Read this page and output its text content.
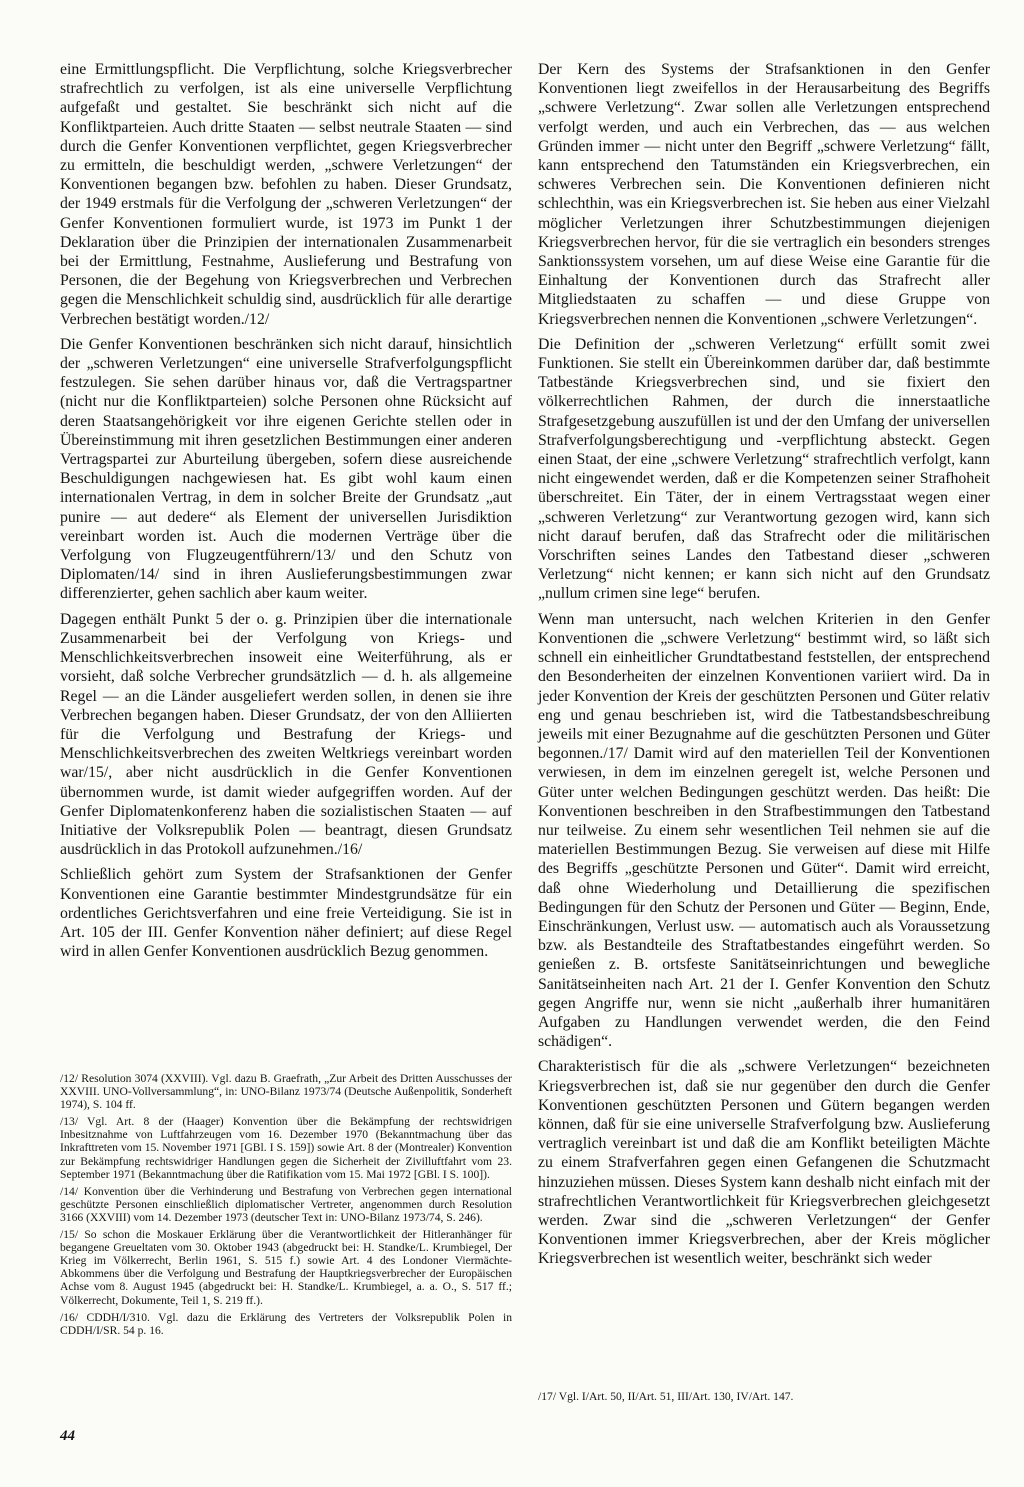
eine Ermittlungspflicht. Die Verpflichtung, solche Kriegsverbrecher strafrechtlich zu verfolgen, ist als eine universelle Verpflichtung aufgefaßt und gestaltet. Sie beschränkt sich nicht auf die Konfliktparteien. Auch dritte Staaten — selbst neutrale Staaten — sind durch die Genfer Konventionen verpflichtet, gegen Kriegsverbrecher zu ermitteln, die beschuldigt werden, „schwere Verletzungen“ der Konventionen begangen bzw. befohlen zu haben. Dieser Grundsatz, der 1949 erstmals für die Verfolgung der „schweren Verletzungen“ der Genfer Konventionen formuliert wurde, ist 1973 im Punkt 1 der Deklaration über die Prinzipien der internationalen Zusammenarbeit bei der Ermittlung, Festnahme, Auslieferung und Bestrafung von Personen, die der Begehung von Kriegsverbrechen und Verbrechen gegen die Menschlichkeit schuldig sind, ausdrücklich für alle derartige Verbrechen bestätigt worden./12/

Die Genfer Konventionen beschränken sich nicht darauf, hinsichtlich der „schweren Verletzungen“ eine universelle Strafverfolgungspflicht festzulegen. Sie sehen darüber hinaus vor, daß die Vertragspartner (nicht nur die Konfliktparteien) solche Personen ohne Rücksicht auf deren Staatsangehörigkeit vor ihre eigenen Gerichte stellen oder in Übereinstimmung mit ihren gesetzlichen Bestimmungen einer anderen Vertragspartei zur Aburteilung übergeben, sofern diese ausreichende Beschuldigungen nachgewiesen hat. Es gibt wohl kaum einen internationalen Vertrag, in dem in solcher Breite der Grundsatz „aut punire — aut dedere“ als Element der universellen Jurisdiktion vereinbart worden ist. Auch die modernen Verträge über die Verfolgung von Flugzeugentführern/13/ und den Schutz von Diplomaten/14/ sind in ihren Auslieferungsbestimmungen zwar differenzierter, gehen sachlich aber kaum weiter.

Dagegen enthält Punkt 5 der o. g. Prinzipien über die internationale Zusammenarbeit bei der Verfolgung von Kriegs- und Menschlichkeitsverbrechen insoweit eine Weiterführung, als er vorsieht, daß solche Verbrecher grundsätzlich — d. h. als allgemeine Regel — an die Länder ausgeliefert werden sollen, in denen sie ihre Verbrechen begangen haben. Dieser Grundsatz, der von den Alliierten für die Verfolgung und Bestrafung der Kriegs- und Menschlichkeitsverbrechen des zweiten Weltkriegs vereinbart worden war/15/, aber nicht ausdrücklich in die Genfer Konventionen übernommen wurde, ist damit wieder aufgegriffen worden. Auf der Genfer Diplomatenkonferenz haben die sozialistischen Staaten — auf Initiative der Volksrepublik Polen — beantragt, diesen Grundsatz ausdrücklich in das Protokoll aufzunehmen./16/

Schließlich gehört zum System der Strafsanktionen der Genfer Konventionen eine Garantie bestimmter Mindestgrundsätze für ein ordentliches Gerichtsverfahren und eine freie Verteidigung. Sie ist in Art. 105 der III. Genfer Konvention näher definiert; auf diese Regel wird in allen Genfer Konventionen ausdrücklich Bezug genommen.

Der Kern des Systems der Strafsanktionen in den Genfer Konventionen liegt zweifellos in der Herausarbeitung des Begriffs „schwere Verletzung“. Zwar sollen alle Verletzungen entsprechend verfolgt werden, und auch ein Verbrechen, das — aus welchen Gründen immer — nicht unter den Begriff „schwere Verletzung“ fällt, kann entsprechend den Tatumständen ein Kriegsverbrechen, ein schweres Verbrechen sein. Die Konventionen definieren nicht schlechthin, was ein Kriegsverbrechen ist. Sie heben aus einer Vielzahl möglicher Verletzungen ihrer Schutzbestimmungen diejenigen Kriegsverbrechen hervor, für die sie vertraglich ein besonders strenges Sanktionssystem vorsehen, um auf diese Weise eine Garantie für die Einhaltung der Konventionen durch das Strafrecht aller Mitgliedstaaten zu schaffen — und diese Gruppe von Kriegsverbrechen nennen die Konventionen „schwere Verletzungen“.

Die Definition der „schweren Verletzung“ erfüllt somit zwei Funktionen. Sie stellt ein Übereinkommen darüber dar, daß bestimmte Tatbestände Kriegsverbrechen sind, und sie fixiert den völkerrechtlichen Rahmen, der durch die innerstaatliche Strafgesetzgebung auszufüllen ist und der den Umfang der universellen Strafverfolgungsberechtigung und -verpflichtung absteckt. Gegen einen Staat, der eine „schwere Verletzung“ strafrechtlich verfolgt, kann nicht eingewendet werden, daß er die Kompetenzen seiner Strafhoheit überschreitet. Ein Täter, der in einem Vertragsstaat wegen einer „schweren Verletzung“ zur Verantwortung gezogen wird, kann sich nicht darauf berufen, daß das Strafrecht oder die militärischen Vorschriften seines Landes den Tatbestand dieser „schweren Verletzung“ nicht kennen; er kann sich nicht auf den Grundsatz „nullum crimen sine lege“ berufen.

Wenn man untersucht, nach welchen Kriterien in den Genfer Konventionen die „schwere Verletzung“ bestimmt wird, so läßt sich schnell ein einheitlicher Grundtatbestand feststellen, der entsprechend den Besonderheiten der einzelnen Konventionen variiert wird. Da in jeder Konvention der Kreis der geschützten Personen und Güter relativ eng und genau beschrieben ist, wird die Tatbestandsbeschreibung jeweils mit einer Bezugnahme auf die geschützten Personen und Güter begonnen./17/ Damit wird auf den materiellen Teil der Konventionen verwiesen, in dem im einzelnen geregelt ist, welche Personen und Güter unter welchen Bedingungen geschützt werden. Das heißt: Die Konventionen beschreiben in den Strafbestimmungen den Tatbestand nur teilweise. Zu einem sehr wesentlichen Teil nehmen sie auf die materiellen Bestimmungen Bezug. Sie verweisen auf diese mit Hilfe des Begriffs „geschützte Personen und Güter“. Damit wird erreicht, daß ohne Wiederholung und Detaillierung die spezifischen Bedingungen für den Schutz der Personen und Güter — Beginn, Ende, Einschränkungen, Verlust usw. — automatisch auch als Voraussetzung bzw. als Bestandteile des Straftatbestandes eingeführt werden. So genießen z. B. ortsfeste Sanitätseinrichtungen und bewegliche Sanitätseinheiten nach Art. 21 der I. Genfer Konvention den Schutz gegen Angriffe nur, wenn sie nicht „außerhalb ihrer humanitären Aufgaben zu Handlungen verwendet werden, die den Feind schädigen“.

Charakteristisch für die als „schwere Verletzungen“ bezeichneten Kriegsverbrechen ist, daß sie nur gegenüber den durch die Genfer Konventionen geschützten Personen und Gütern begangen werden können, daß für sie eine universelle Strafverfolgung bzw. Auslieferung vertraglich vereinbart ist und daß die am Konflikt beteiligten Mächte zu einem Strafverfahren gegen einen Gefangenen die Schutzmacht hinzuziehen müssen. Dieses System kann deshalb nicht einfach mit der strafrechtlichen Verantwortlichkeit für Kriegsverbrechen gleichgesetzt werden. Zwar sind die „schweren Verletzungen“ der Genfer Konventionen immer Kriegsverbrechen, aber der Kreis möglicher Kriegsverbrechen ist wesentlich weiter, beschränkt sich weder

/12/ Resolution 3074 (XXVIII). Vgl. dazu B. Graefrath, „Zur Arbeit des Dritten Ausschusses der XXVIII. UNO-Vollversammlung“, in: UNO-Bilanz 1973/74 (Deutsche Außenpolitik, Sonderheft 1974), S. 104 ff.

/13/ Vgl. Art. 8 der (Haager) Konvention über die Bekämpfung der rechtswidrigen Inbesitznahme von Luftfahrzeugen vom 16. Dezember 1970 (Bekanntmachung über das Inkrafttreten vom 15. November 1971 [GBl. I S. 159]) sowie Art. 8 der (Montrealer) Konvention zur Bekämpfung rechtswidriger Handlungen gegen die Sicherheit der Zivilluftfahrt vom 23. September 1971 (Bekanntmachung über die Ratifikation vom 15. Mai 1972 [GBl. I S. 100]).

/14/ Konvention über die Verhinderung und Bestrafung von Verbrechen gegen international geschützte Personen einschließlich diplomatischer Vertreter, angenommen durch Resolution 3166 (XXVIII) vom 14. Dezember 1973 (deutscher Text in: UNO-Bilanz 1973/74, S. 246).

/15/ So schon die Moskauer Erklärung über die Verantwortlichkeit der Hitleranhänger für begangene Greueltaten vom 30. Oktober 1943 (abgedruckt bei: H. Standke/L. Krumbiegel, Der Krieg im Völkerrecht, Berlin 1961, S. 515 f.) sowie Art. 4 des Londoner Viermächte-Abkommens über die Verfolgung und Bestrafung der Hauptkriegsverbrecher der Europäischen Achse vom 8. August 1945 (abgedruckt bei: H. Standke/L. Krumbiegel, a. a. O., S. 517 ff.; Völkerrecht, Dokumente, Teil 1, S. 219 ff.).

/16/ CDDH/I/310. Vgl. dazu die Erklärung des Vertreters der Volksrepublik Polen in CDDH/I/SR. 54 p. 16.

/17/ Vgl. I/Art. 50, II/Art. 51, III/Art. 130, IV/Art. 147.

44
